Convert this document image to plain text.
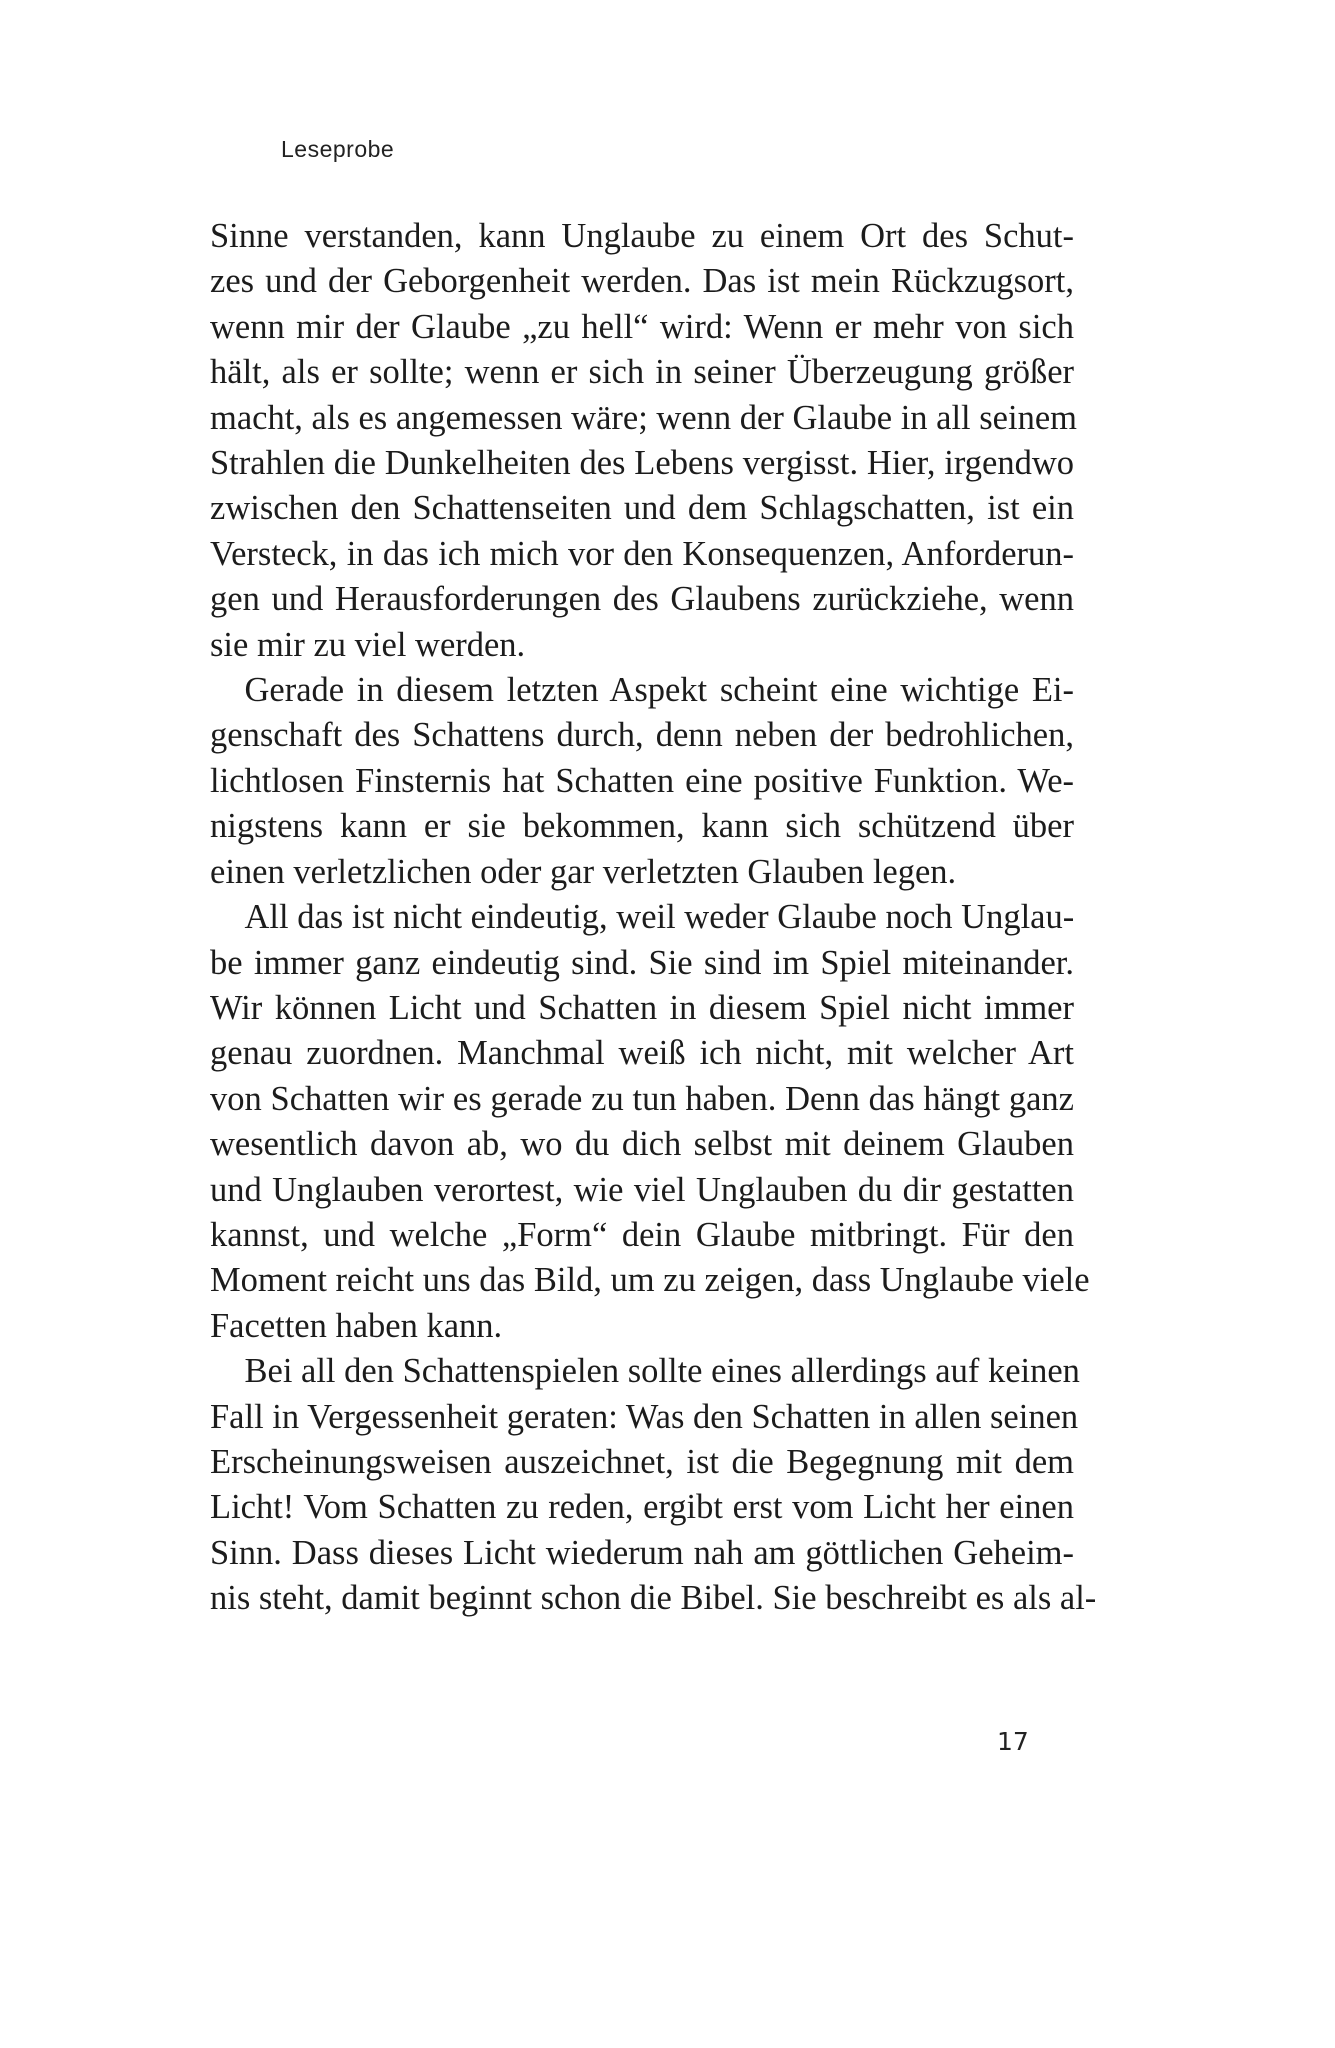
Leseprobe
Sinne verstanden, kann Unglaube zu einem Ort des Schut-
zes und der Geborgenheit werden. Das ist mein Rückzugsort,
wenn mir der Glaube „zu hell“ wird: Wenn er mehr von sich
hält, als er sollte; wenn er sich in seiner Überzeugung größer
macht, als es angemessen wäre; wenn der Glaube in all seinem
Strahlen die Dunkelheiten des Lebens vergisst. Hier, irgendwo
zwischen den Schattenseiten und dem Schlagschatten, ist ein
Versteck, in das ich mich vor den Konsequenzen, Anforderun-
gen und Herausforderungen des Glaubens zurückziehe, wenn
sie mir zu viel werden.
 Gerade in diesem letzten Aspekt scheint eine wichtige Ei-
genschaft des Schattens durch, denn neben der bedrohlichen,
lichtlosen Finsternis hat Schatten eine positive Funktion. We-
nigstens kann er sie bekommen, kann sich schützend über
einen verletzlichen oder gar verletzten Glauben legen.
 All das ist nicht eindeutig, weil weder Glaube noch Unglau-
be immer ganz eindeutig sind. Sie sind im Spiel miteinander.
Wir können Licht und Schatten in diesem Spiel nicht immer
genau zuordnen. Manchmal weiß ich nicht, mit welcher Art
von Schatten wir es gerade zu tun haben. Denn das hängt ganz
wesentlich davon ab, wo du dich selbst mit deinem Glauben
und Unglauben verortest, wie viel Unglauben du dir gestatten
kannst, und welche „Form“ dein Glaube mitbringt. Für den
Moment reicht uns das Bild, um zu zeigen, dass Unglaube viele
Facetten haben kann.
 Bei all den Schattenspielen sollte eines allerdings auf keinen
Fall in Vergessenheit geraten: Was den Schatten in allen seinen
Erscheinungsweisen auszeichnet, ist die Begegnung mit dem
Licht! Vom Schatten zu reden, ergibt erst vom Licht her einen
Sinn. Dass dieses Licht wiederum nah am göttlichen Geheim-
nis steht, damit beginnt schon die Bibel. Sie beschreibt es als al-
17
